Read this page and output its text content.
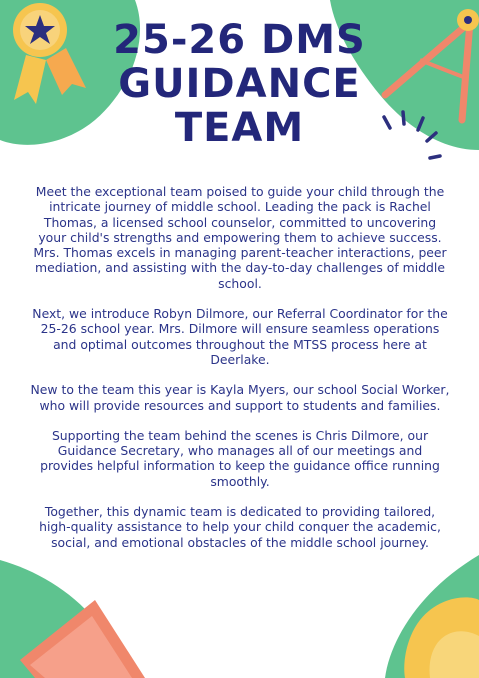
25-26 DMS
GUIDANCE
TEAM

Meet the exceptional team poised to guide your child through the intricate journey of middle school. Leading the pack is Rachel Thomas, a licensed school counselor, committed to uncovering your child's strengths and empowering them to achieve success. Mrs. Thomas excels in managing parent-teacher interactions, peer mediation, and assisting with the day-to-day challenges of middle school.

Next, we introduce Robyn Dilmore, our Referral Coordinator for the 25-26 school year. Mrs. Dilmore will ensure seamless operations and optimal outcomes throughout the MTSS process here at Deerlake.

New to the team this year is Kayla Myers, our school Social Worker, who will provide resources and support to students and families.

Supporting the team behind the scenes is Chris Dilmore, our Guidance Secretary, who manages all of our meetings and provides helpful information to keep the guidance office running smoothly.

Together, this dynamic team is dedicated to providing tailored, high-quality assistance to help your child conquer the academic, social, and emotional obstacles of the middle school journey.
